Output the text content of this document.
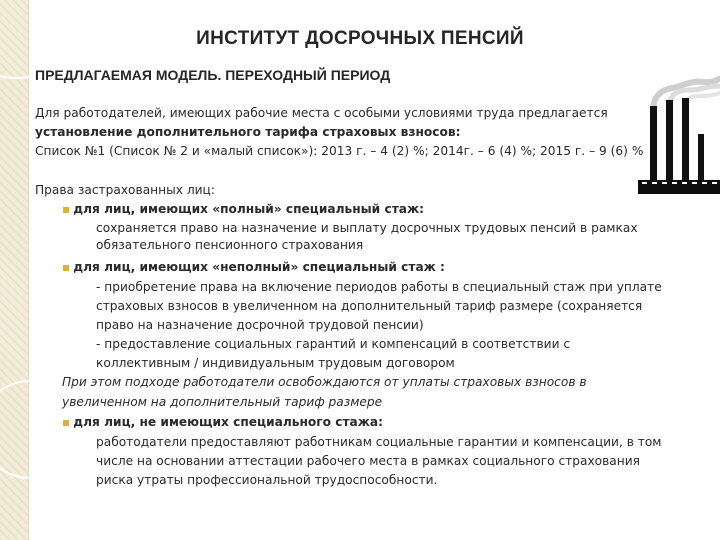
ИНСТИТУТ ДОСРОЧНЫХ ПЕНСИЙ
ПРЕДЛАГАЕМАЯ МОДЕЛЬ. ПЕРЕХОДНЫЙ ПЕРИОД
Для работодателей, имеющих рабочие места с особыми условиями труда предлагается
установление дополнительного тарифа страховых взносов:
Список №1 (Список № 2 и «малый список»): 2013 г. – 4 (2) %; 2014г. – 6 (4) %; 2015 г. – 9 (6) %
Права застрахованных лиц:
▪ для лиц, имеющих «полный» специальный стаж:
сохраняется право на назначение и выплату досрочных трудовых пенсий в рамках
обязательного пенсионного страхования
▪ для лиц, имеющих «неполный» специальный стаж :
- приобретение права на включение периодов работы в специальный стаж при уплате
страховых взносов в увеличенном на дополнительный тариф размере (сохраняется
право на назначение досрочной трудовой пенсии)
- предоставление социальных гарантий и компенсаций в соответствии с
коллективным / индивидуальным трудовым договором
При этом подходе работодатели освобождаются от уплаты страховых взносов в
увеличенном на дополнительный тариф размере
▪ для лиц, не имеющих специального стажа:
работодатели предоставляют работникам социальные гарантии и компенсации, в том
числе на основании аттестации рабочего места в рамках социального страхования
риска утраты профессиональной трудоспособности.
